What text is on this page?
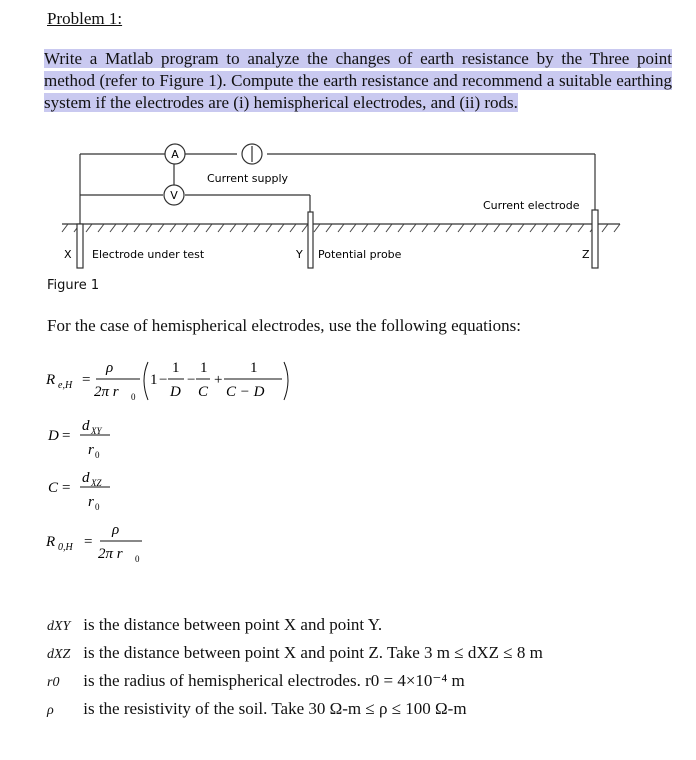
Problem 1:
Write a Matlab program to analyze the changes of earth resistance by the Three point method (refer to Figure 1). Compute the earth resistance and recommend a suitable earthing system if the electrodes are (i) hemispherical electrodes, and (ii) rods.
A
V
Current supply
Current electrode
X Electrode under test	Y Potential probe	Z
Figure 1
For the case of hemispherical electrodes, use the following equations:
R e,H =
ρ
2π r 0
1 −
1
D
−
1
C
+
1
C − D
D =
d XY
r 0
C =
d XZ
r 0
R 0,H =
ρ
2π r 0
dXY is the distance between point X and point Y.
dXZ is the distance between point X and point Z. Take 3 m ≤ dXZ ≤ 8 m
r0 is the radius of hemispherical electrodes. r0 = 4×10⁻⁴ m
ρ is the resistivity of the soil. Take 30 Ω-m ≤ ρ ≤ 100 Ω-m
